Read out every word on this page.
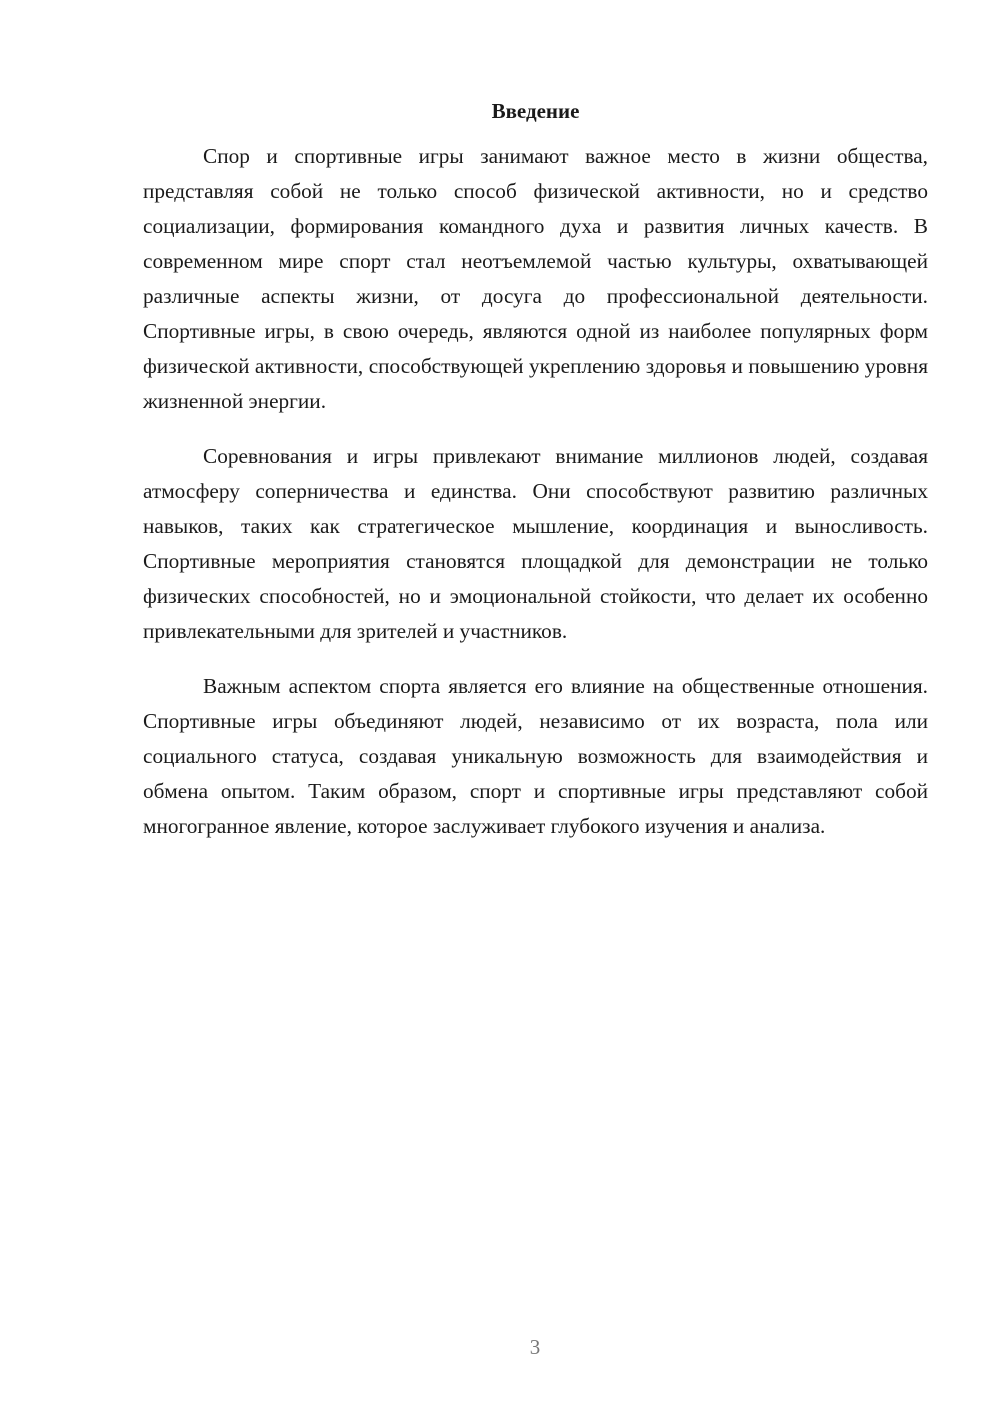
Введение

Спор и спортивные игры занимают важное место в жизни общества, представляя собой не только способ физической активности, но и средство социализации, формирования командного духа и развития личных качеств. В современном мире спорт стал неотъемлемой частью культуры, охватывающей различные аспекты жизни, от досуга до профессиональной деятельности. Спортивные игры, в свою очередь, являются одной из наиболее популярных форм физической активности, способствующей укреплению здоровья и повышению уровня жизненной энергии.

Соревнования и игры привлекают внимание миллионов людей, создавая атмосферу соперничества и единства. Они способствуют развитию различных навыков, таких как стратегическое мышление, координация и выносливость. Спортивные мероприятия становятся площадкой для демонстрации не только физических способностей, но и эмоциональной стойкости, что делает их особенно привлекательными для зрителей и участников.

Важным аспектом спорта является его влияние на общественные отношения. Спортивные игры объединяют людей, независимо от их возраста, пола или социального статуса, создавая уникальную возможность для взаимодействия и обмена опытом. Таким образом, спорт и спортивные игры представляют собой многогранное явление, которое заслуживает глубокого изучения и анализа.

3
